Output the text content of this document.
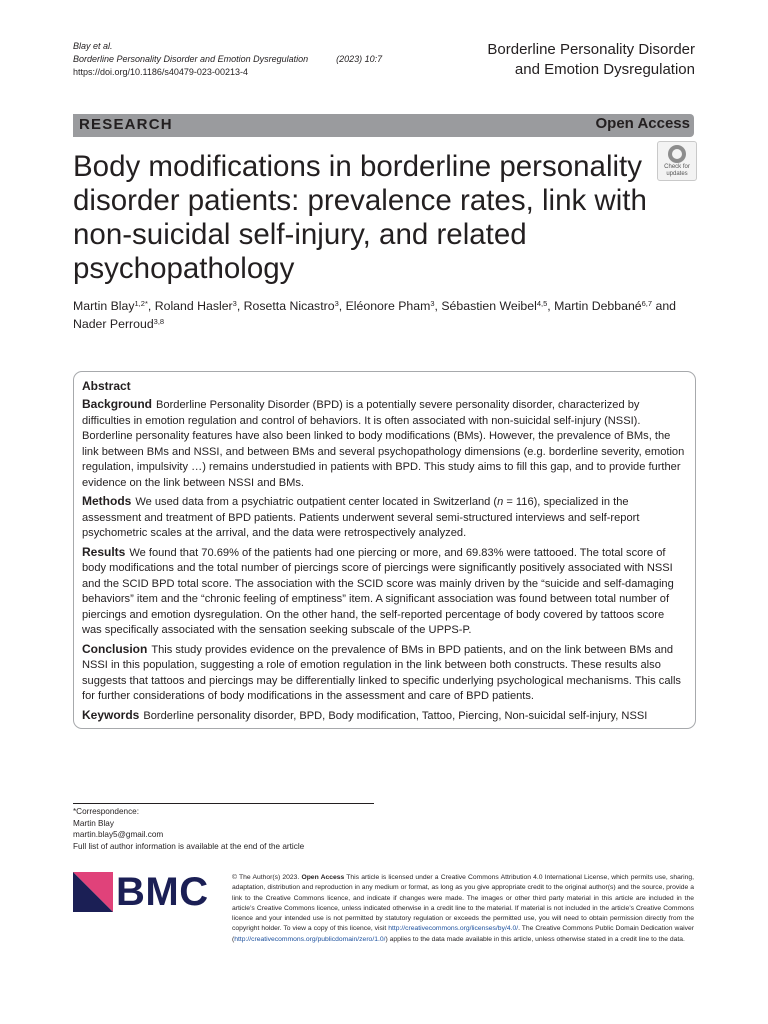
Blay et al.
Borderline Personality Disorder and Emotion Dysregulation	(2023) 10:7
https://doi.org/10.1186/s40479-023-00213-4
Borderline Personality Disorder
and Emotion Dysregulation
RESEARCH	Open Access
Body modifications in borderline personality disorder patients: prevalence rates, link with non-suicidal self-injury, and related psychopathology
Check for
updates
Martin Blay$^{1,2*}$, Roland Hasler$^3$, Rosetta Nicastro$^3$, Eléonore Pham$^3$, Sébastien Weibel$^{4,5}$, Martin Debbané$^{6,7}$ and Nader Perroud$^{3,8}$
Abstract

Background Borderline Personality Disorder (BPD) is a potentially severe personality disorder, characterized by difficulties in emotion regulation and control of behaviors. It is often associated with non-suicidal self-injury (NSSI). Borderline personality features have also been linked to body modifications (BMs). However, the prevalence of BMs, the link between BMs and NSSI, and between BMs and several psychopathology dimensions (e.g. borderline severity, emotion regulation, impulsivity …) remains understudied in patients with BPD. This study aims to fill this gap, and to provide further evidence on the link between NSSI and BMs.

Methods We used data from a psychiatric outpatient center located in Switzerland (n = 116), specialized in the assessment and treatment of BPD patients. Patients underwent several semi-structured interviews and self-report psychometric scales at the arrival, and the data were retrospectively analyzed.

Results We found that 70.69% of the patients had one piercing or more, and 69.83% were tattooed. The total score of body modifications and the total number of piercings score of piercings were significantly positively associated with NSSI and the SCID BPD total score. The association with the SCID score was mainly driven by the “suicide and self-damaging behaviors” item and the “chronic feeling of emptiness” item. A significant association was found between total number of piercings and emotion dysregulation. On the other hand, the self-reported percentage of body covered by tattoos score was specifically associated with the sensation seeking subscale of the UPPS-P.

Conclusion This study provides evidence on the prevalence of BMs in BPD patients, and on the link between BMs and NSSI in this population, suggesting a role of emotion regulation in the link between both constructs. These results also suggests that tattoos and piercings may be differentially linked to specific underlying psychological mechanisms. This calls for further considerations of body modifications in the assessment and care of BPD patients.

Keywords Borderline personality disorder, BPD, Body modification, Tattoo, Piercing, Non-suicidal self-injury, NSSI

*Correspondence:
Martin Blay
martin.blay5@gmail.com
Full list of author information is available at the end of the article
BMC	© The Author(s) 2023. Open Access This article is licensed under a Creative Commons Attribution 4.0 International License, which permits use, sharing, adaptation, distribution and reproduction in any medium or format, as long as you give appropriate credit to the original author(s) and the source, provide a link to the Creative Commons licence, and indicate if changes were made. The images or other third party material in this article are included in the article’s Creative Commons licence, unless indicated otherwise in a credit line to the material. If material is not included in the article’s Creative Commons licence and your intended use is not permitted by statutory regulation or exceeds the permitted use, you will need to obtain permission directly from the copyright holder. To view a copy of this licence, visit http://creativecommons.org/licenses/by/4.0/. The Creative Commons Public Domain Dedication waiver (http://creativecommons.org/publicdomain/zero/1.0/) applies to the data made available in this article, unless otherwise stated in a credit line to the data.
